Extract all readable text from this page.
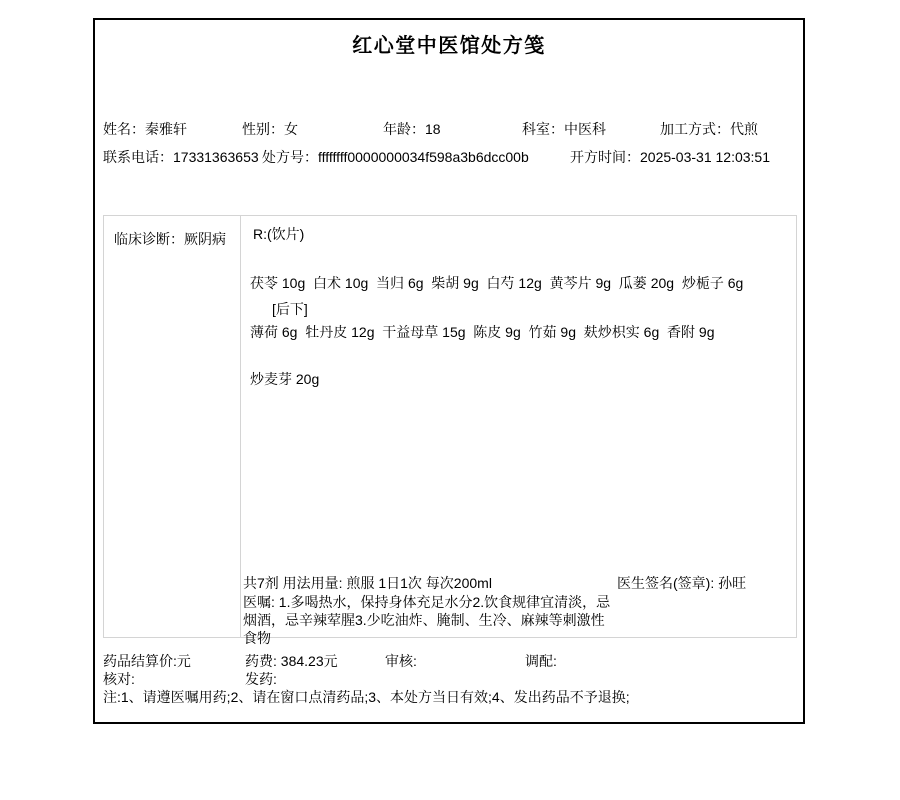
红心堂中医馆处方笺
姓名：秦雅轩	性别：女	年龄：18	科室：中医科	加工方式：代煎
联系电话：17331363653 处方号：ffffffff0000000034f598a3b6dcc00b	开方时间：2025-03-31 12:03:51
临床诊断：厥阴病	R:(饮片)
茯苓 10g  白术 10g  当归 6g  柴胡 9g  白芍 12g  黄芩片 9g  瓜蒌 20g  炒栀子 6g
[后下]
薄荷 6g  牡丹皮 12g  干益母草 15g  陈皮 9g  竹茹 9g  麸炒枳实 6g  香附 9g
炒麦芽 20g
共7剂 用法用量: 煎服 1日1次 每次200ml	医生签名(签章): 孙旺
医嘱: 1.多喝热水，保持身体充足水分2.饮食规律宜清淡，忌烟酒，忌辛辣荤腥3.少吃油炸、腌制、生冷、麻辣等刺激性食物
药品结算价:元	药费: 384.23元	审核:	调配:
核对:	发药:
注:1、请遵医嘱用药;2、请在窗口点清药品;3、本处方当日有效;4、发出药品不予退换;
